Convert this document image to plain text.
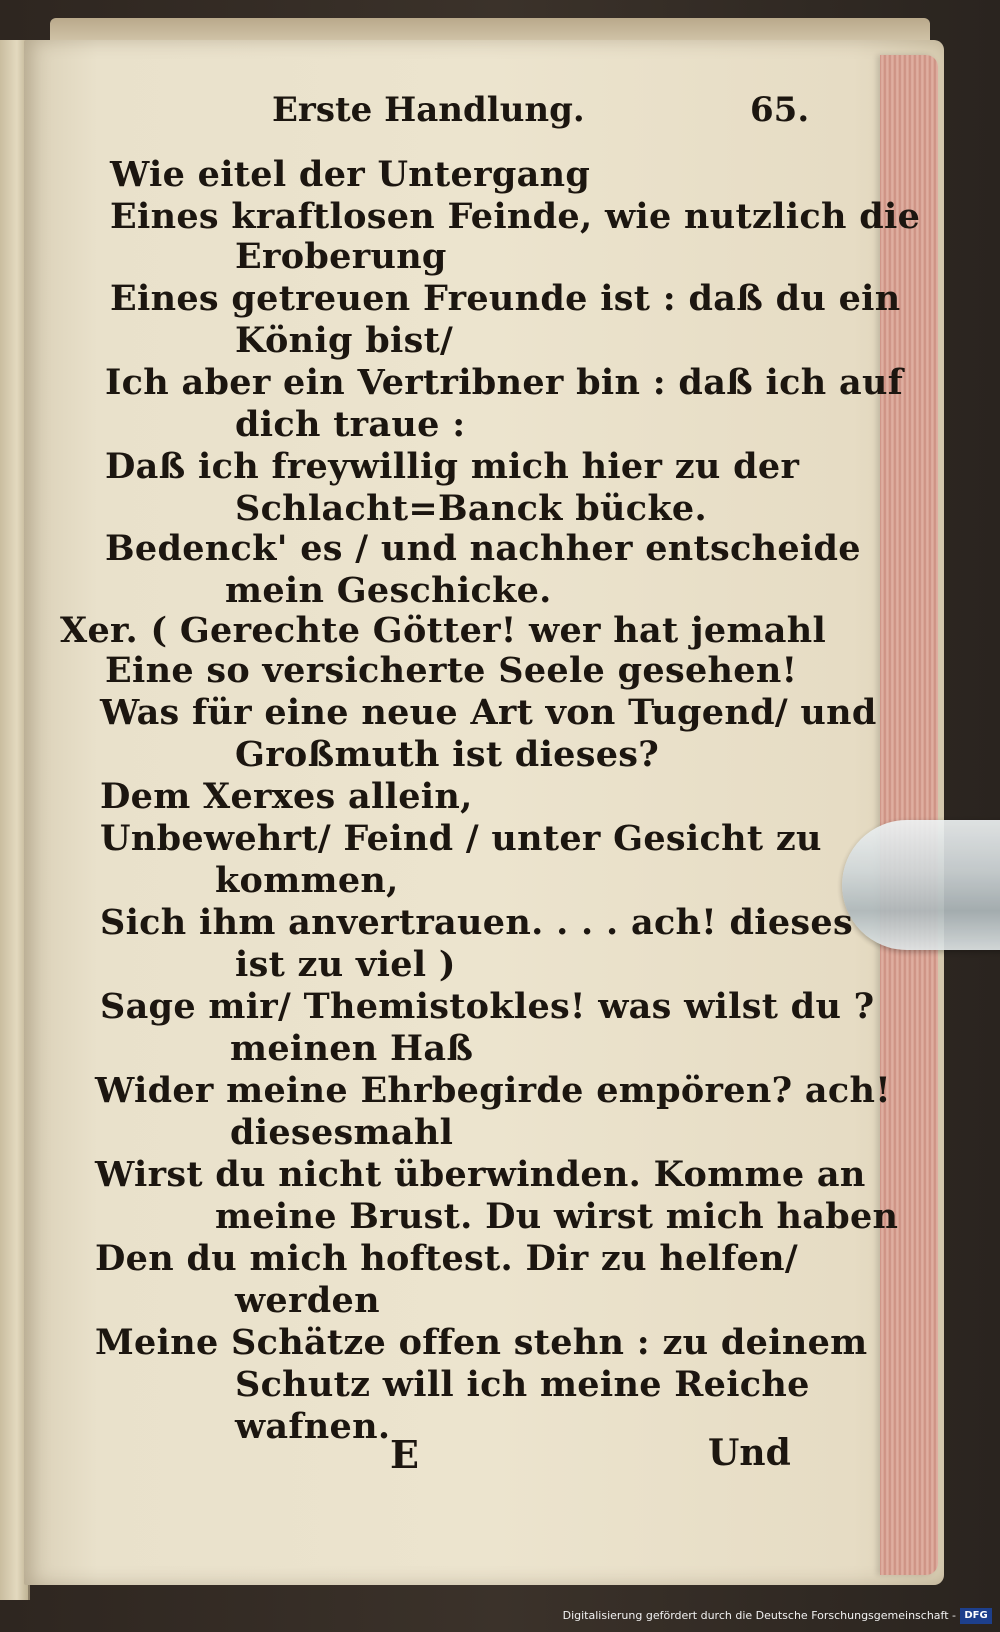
Erste Handlung.	65.
Wie eitel der Untergang
Eines kraftlosen Feinde, wie nutzlich die
Eroberung
Eines getreuen Freunde ist : daß du ein
König bist/
Ich aber ein Vertribner bin : daß ich auf
dich traue :
Daß ich freywillig mich hier zu der
Schlacht=Banck bücke.
Bedenck' es / und nachher entscheide
mein Geschicke.
Xer. ( Gerechte Götter! wer hat jemahl
Eine so versicherte Seele gesehen!
Was für eine neue Art von Tugend/ und
Großmuth ist dieses?
Dem Xerxes allein,
Unbewehrt/ Feind / unter Gesicht zu
kommen,
Sich ihm anvertrauen. . . . ach! dieses
ist zu viel )
Sage mir/ Themistokles! was wilst du ?
meinen Haß
Wider meine Ehrbegirde empören? ach!
diesesmahl
Wirst du nicht überwinden. Komme an
meine Brust. Du wirst mich haben
Den du mich hoftest. Dir zu helfen/
werden
Meine Schätze offen stehn : zu deinem
Schutz will ich meine Reiche
wafnen.
E	Und
Digitalisierung gefördert durch die Deutsche Forschungsgemeinschaft - DFG
